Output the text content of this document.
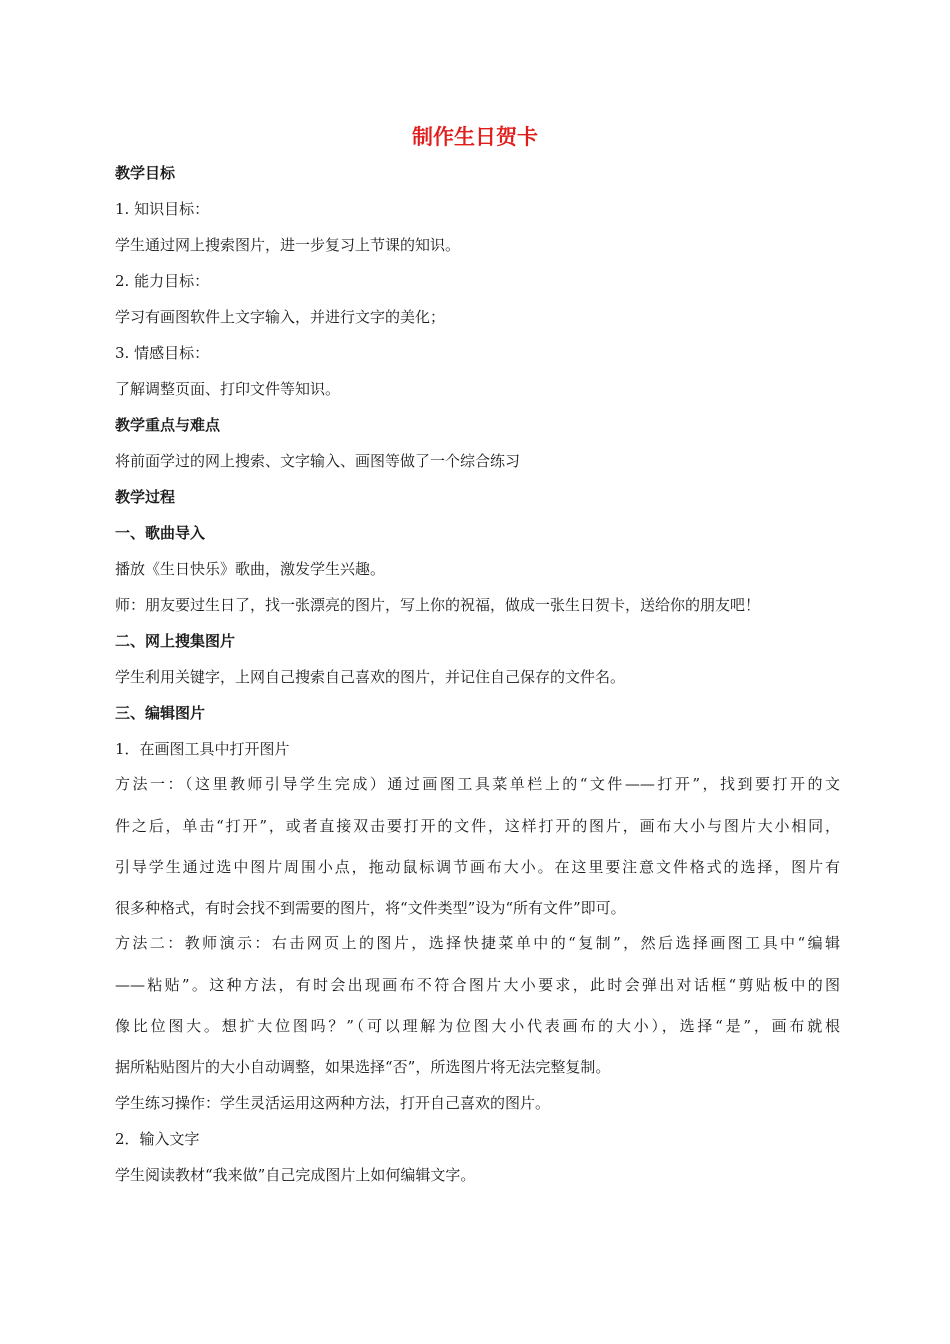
制作生日贺卡
教学目标
1. 知识目标：
学生通过网上搜索图片，进一步复习上节课的知识。
2. 能力目标：
学习有画图软件上文字输入，并进行文字的美化；
3. 情感目标：
了解调整页面、打印文件等知识。
教学重点与难点
将前面学过的网上搜索、文字输入、画图等做了一个综合练习
教学过程
一、歌曲导入
播放《生日快乐》歌曲，激发学生兴趣。
师：朋友要过生日了，找一张漂亮的图片，写上你的祝福，做成一张生日贺卡，送给你的朋友吧！
二、网上搜集图片
学生利用关键字，上网自己搜索自己喜欢的图片，并记住自己保存的文件名。
三、编辑图片
1．在画图工具中打开图片
方法一：（这里教师引导学生完成）通过画图工具菜单栏上的“文件——打开”，找到要打开的文
件之后，单击“打开”，或者直接双击要打开的文件，这样打开的图片，画布大小与图片大小相同，
引导学生通过选中图片周围小点，拖动鼠标调节画布大小。在这里要注意文件格式的选择，图片有
很多种格式，有时会找不到需要的图片，将“文件类型”设为“所有文件”即可。
方法二：教师演示：右击网页上的图片，选择快捷菜单中的“复制”，然后选择画图工具中“编辑
——粘贴”。这种方法，有时会出现画布不符合图片大小要求，此时会弹出对话框“剪贴板中的图
像比位图大。想扩大位图吗？”（可以理解为位图大小代表画布的大小），选择“是”，画布就根
据所粘贴图片的大小自动调整，如果选择“否”，所选图片将无法完整复制。
学生练习操作：学生灵活运用这两种方法，打开自己喜欢的图片。
2．输入文字
学生阅读教材“我来做”自己完成图片上如何编辑文字。
